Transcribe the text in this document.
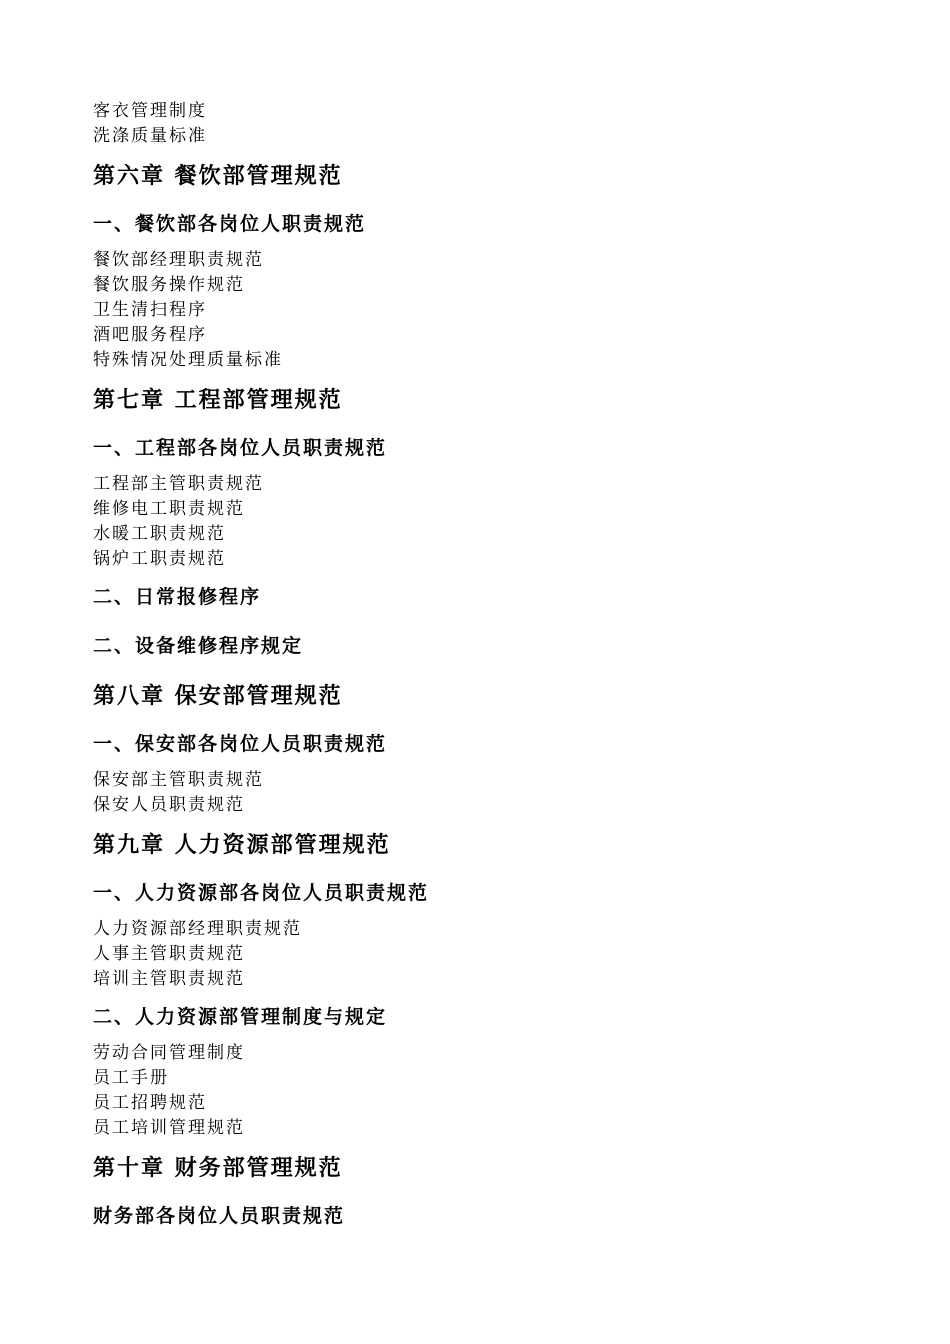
客衣管理制度

洗涤质量标准

第六章 餐饮部管理规范

一、餐饮部各岗位人职责规范

餐饮部经理职责规范

餐饮服务操作规范

卫生清扫程序

酒吧服务程序

特殊情况处理质量标准

第七章 工程部管理规范

一、工程部各岗位人员职责规范

工程部主管职责规范

维修电工职责规范

水暖工职责规范

锅炉工职责规范

二、日常报修程序

二、设备维修程序规定

第八章 保安部管理规范

一、保安部各岗位人员职责规范

保安部主管职责规范

保安人员职责规范

第九章 人力资源部管理规范

一、人力资源部各岗位人员职责规范

人力资源部经理职责规范

人事主管职责规范

培训主管职责规范

二、人力资源部管理制度与规定

劳动合同管理制度

员工手册

员工招聘规范

员工培训管理规范

第十章 财务部管理规范

财务部各岗位人员职责规范
